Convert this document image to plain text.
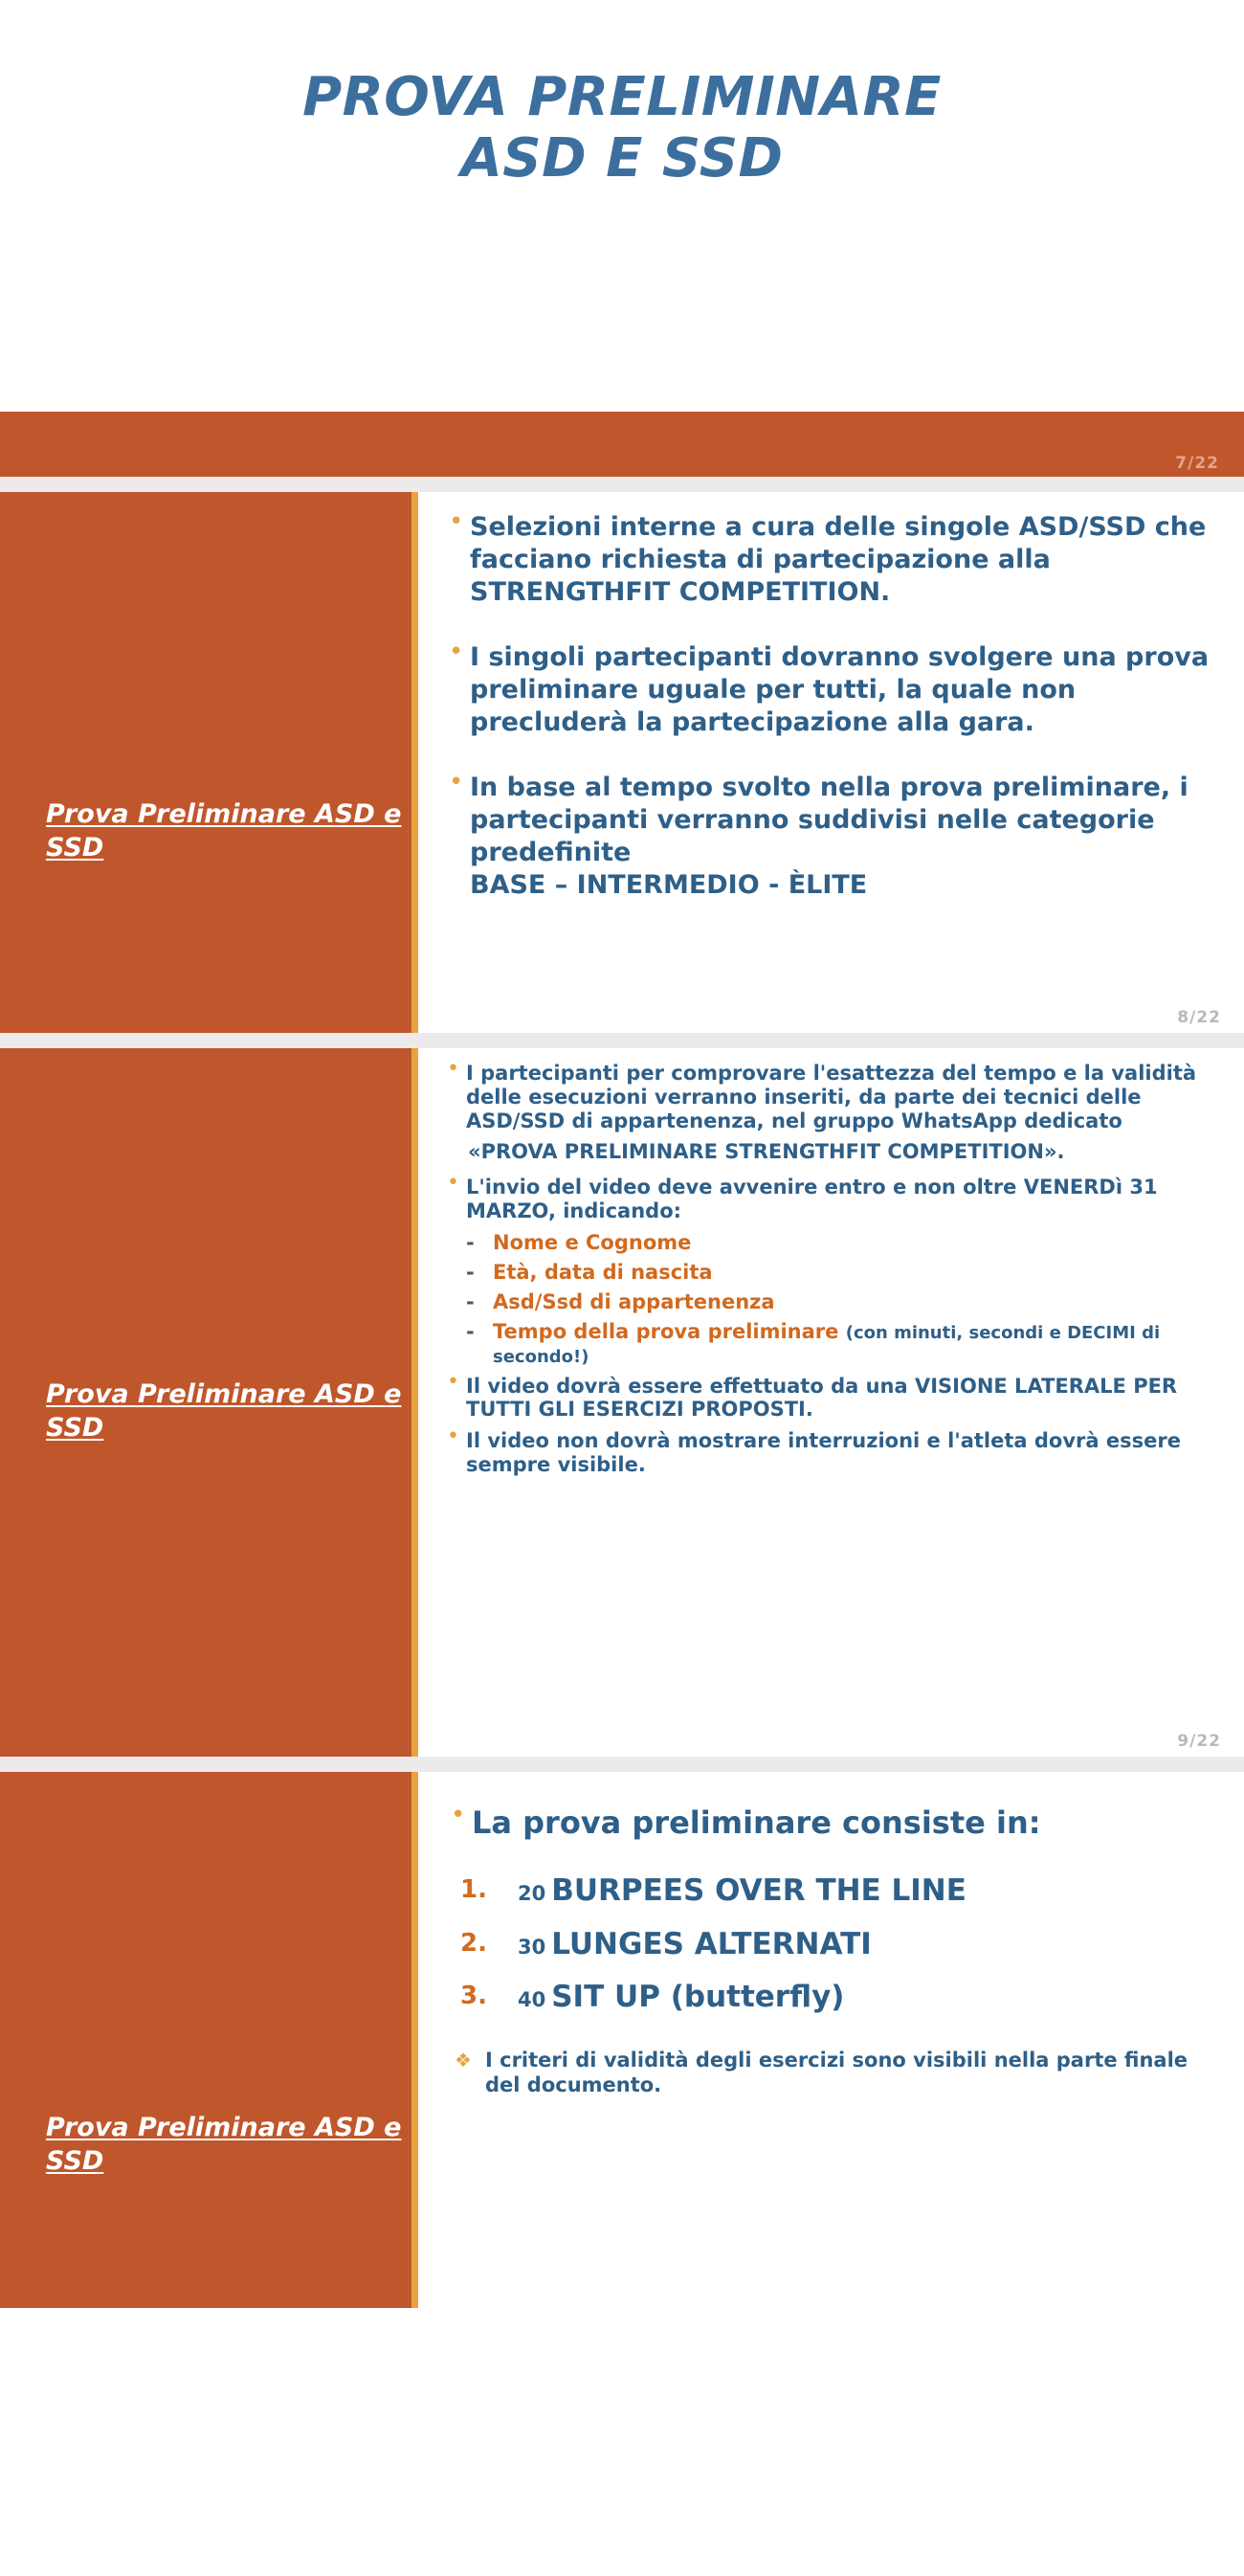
PROVA PRELIMINARE
ASD E SSD
7/22
Prova Preliminare ASD e SSD
• Selezioni interne a cura delle singole ASD/SSD che facciano richiesta di partecipazione alla
STRENGTHFIT COMPETITION.
• I singoli partecipanti dovranno svolgere una prova preliminare uguale per tutti, la quale non precluderà la partecipazione alla gara.
• In base al tempo svolto nella prova preliminare, i partecipanti verranno suddivisi nelle categorie predefinite
BASE – INTERMEDIO - ÈLITE
8/22
Prova Preliminare ASD e SSD
• I partecipanti per comprovare l'esattezza del tempo e la validità delle esecuzioni verranno inseriti, da parte dei tecnici delle ASD/SSD di appartenenza, nel gruppo WhatsApp dedicato
«PROVA PRELIMINARE STRENGTHFIT COMPETITION».
• L'invio del video deve avvenire entro e non oltre VENERDì 31 MARZO, indicando:
- Nome e Cognome
- Età, data di nascita
- Asd/Ssd di appartenenza
- Tempo della prova preliminare (con minuti, secondi e DECIMI di secondo!)
• Il video dovrà essere effettuato da una VISIONE LATERALE PER TUTTI GLI ESERCIZI PROPOSTI.
• Il video non dovrà mostrare interruzioni e l'atleta dovrà essere sempre visibile.
9/22
Prova Preliminare ASD e SSD
• La prova preliminare consiste in:
20 BURPEES OVER THE LINE
30 LUNGES ALTERNATI
40 SIT UP (butterfly)
❖ I criteri di validità degli esercizi sono visibili nella parte finale del documento.
